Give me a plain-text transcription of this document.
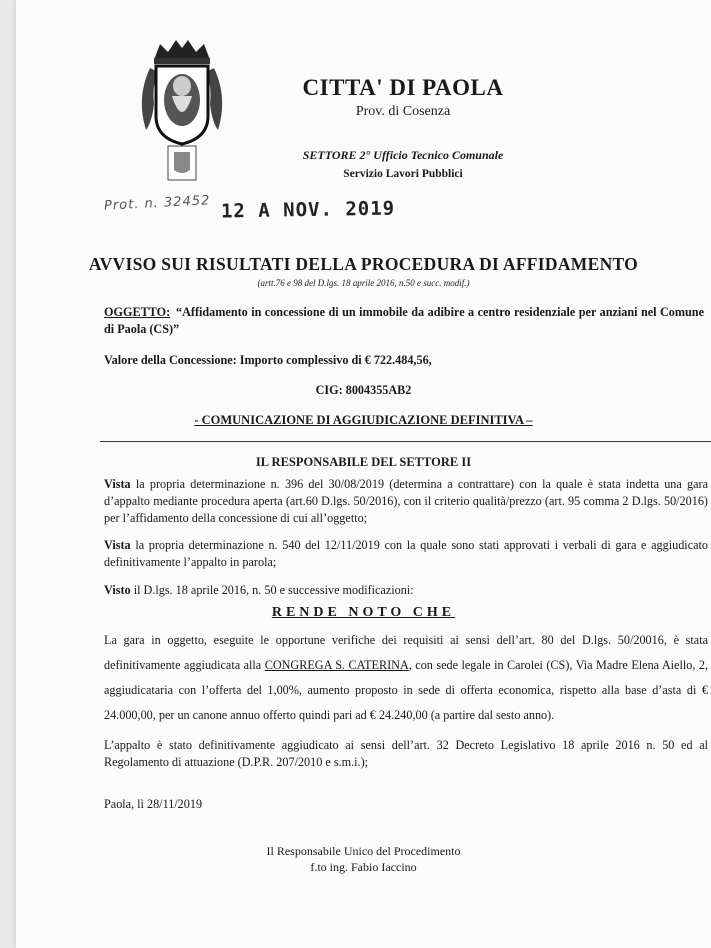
CITTA' DI PAOLA
Prov. di Cosenza
SETTORE 2° Ufficio Tecnico Comunale
Servizio Lavori Pubblici
Prot. n. 32452 12 A NOV. 2019
AVVISO SUI RISULTATI DELLA PROCEDURA DI AFFIDAMENTO
(artt.76 e 98 del D.lgs. 18 aprile 2016, n.50 e succ. modif.)
OGGETTO: “Affidamento in concessione di un immobile da adibire a centro residenziale per anziani nel Comune di Paola (CS)”
Valore della Concessione: Importo complessivo di € 722.484,56,
CIG: 8004355AB2
- COMUNICAZIONE DI AGGIUDICAZIONE DEFINITIVA –
IL RESPONSABILE DEL SETTORE II
Vista la propria determinazione n. 396 del 30/08/2019 (determina a contrattare) con la quale è stata indetta una gara d’appalto mediante procedura aperta (art.60 D.lgs. 50/2016), con il criterio qualità/prezzo (art. 95 comma 2 D.lgs. 50/2016) per l’affidamento della concessione di cui all’oggetto;
Vista la propria determinazione n. 540 del 12/11/2019 con la quale sono stati approvati i verbali di gara e aggiudicato definitivamente l’appalto in parola;
Visto il D.lgs. 18 aprile 2016, n. 50 e successive modificazioni:
RENDE NOTO CHE
La gara in oggetto, eseguite le opportune verifiche dei requisiti ai sensi dell’art. 80 del D.lgs. 50/20016, è stata definitivamente aggiudicata alla CONGREGA S. CATERINA, con sede legale in Carolei (CS), Via Madre Elena Aiello, 2, aggiudicataria con l’offerta del 1,00%, aumento proposto in sede di offerta economica, rispetto alla base d’asta di € 24.000,00, per un canone annuo offerto quindi pari ad € 24.240,00 (a partire dal sesto anno).
L’appalto è stato definitivamente aggiudicato ai sensi dell’art. 32 Decreto Legislativo 18 aprile 2016 n. 50 ed al Regolamento di attuazione (D.P.R. 207/2010 e s.m.i.);
Paola, lì 28/11/2019
Il Responsabile Unico del Procedimento
f.to ing. Fabio Iaccino
